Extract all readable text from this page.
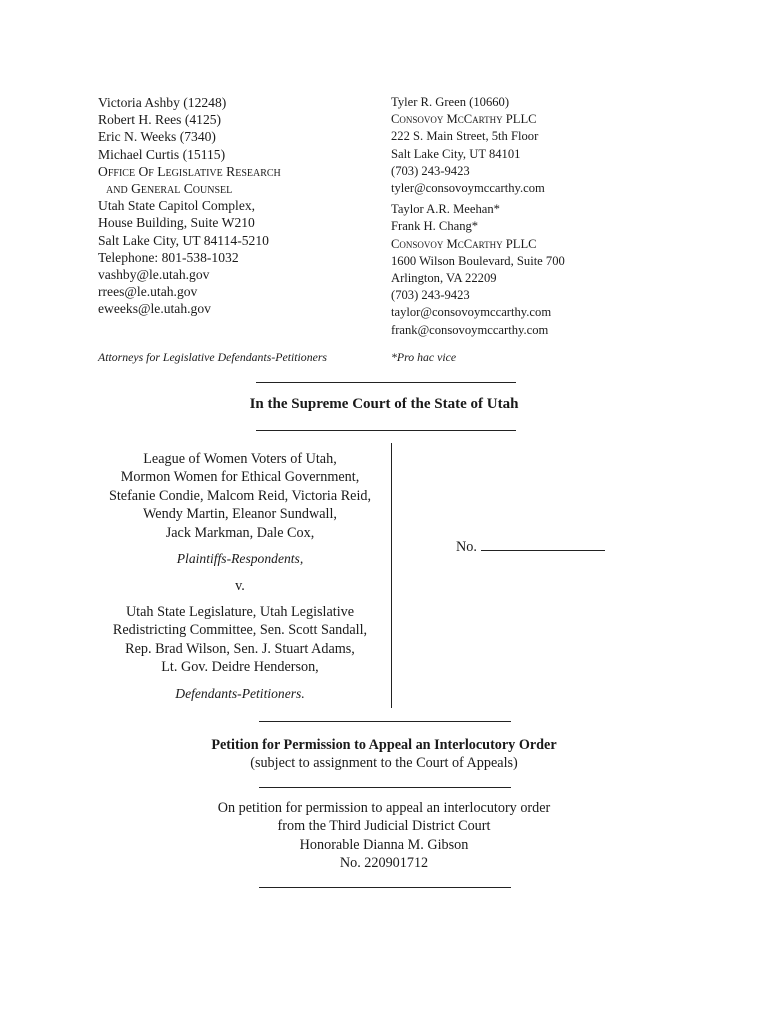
Victoria Ashby (12248)
Robert H. Rees (4125)
Eric N. Weeks (7340)
Michael Curtis (15115)
Office Of Legislative Research
and General Counsel
Utah State Capitol Complex,
House Building, Suite W210
Salt Lake City, UT 84114-5210
Telephone: 801-538-1032
vashby@le.utah.gov
rrees@le.utah.gov
eweeks@le.utah.gov
Tyler R. Green (10660)
Consovoy McCarthy PLLC
222 S. Main Street, 5th Floor
Salt Lake City, UT 84101
(703) 243-9423
tyler@consovoymccarthy.com
Taylor A.R. Meehan*
Frank H. Chang*
Consovoy McCarthy PLLC
1600 Wilson Boulevard, Suite 700
Arlington, VA 22209
(703) 243-9423
taylor@consovoymccarthy.com
frank@consovoymccarthy.com
Attorneys for Legislative Defendants-Petitioners	*Pro hac vice
In the Supreme Court of the State of Utah
League of Women Voters of Utah,
Mormon Women for Ethical Government,
Stefanie Condie, Malcom Reid, Victoria Reid,
Wendy Martin, Eleanor Sundwall,
Jack Markman, Dale Cox,
Plaintiffs-Respondents,
v.
Utah State Legislature, Utah Legislative
Redistricting Committee, Sen. Scott Sandall,
Rep. Brad Wilson, Sen. J. Stuart Adams,
Lt. Gov. Deidre Henderson,
Defendants-Petitioners.
No.
Petition for Permission to Appeal an Interlocutory Order
(subject to assignment to the Court of Appeals)
On petition for permission to appeal an interlocutory order
from the Third Judicial District Court
Honorable Dianna M. Gibson
No. 220901712
